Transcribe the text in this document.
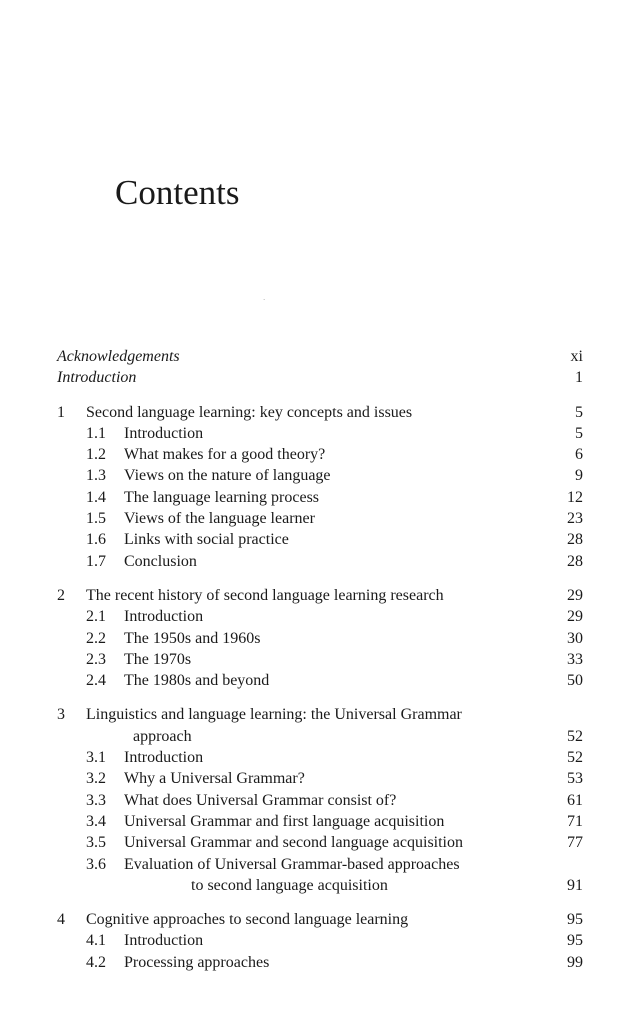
Contents
ˑ
Acknowledgements	xi
Introduction	1
1	Second language learning: key concepts and issues	5
1.1	Introduction	5
1.2	What makes for a good theory?	6
1.3	Views on the nature of language	9
1.4	The language learning process	12
1.5	Views of the language learner	23
1.6	Links with social practice	28
1.7	Conclusion	28
2	The recent history of second language learning research	29
2.1	Introduction	29
2.2	The 1950s and 1960s	30
2.3	The 1970s	33
2.4	The 1980s and beyond	50
3	Linguistics and language learning: the Universal Grammar
approach	52
3.1	Introduction	52
3.2	Why a Universal Grammar?	53
3.3	What does Universal Grammar consist of?	61
3.4	Universal Grammar and first language acquisition	71
3.5	Universal Grammar and second language acquisition	77
3.6	Evaluation of Universal Grammar-based approaches
to second language acquisition	91
4	Cognitive approaches to second language learning	95
4.1	Introduction	95
4.2	Processing approaches	99
